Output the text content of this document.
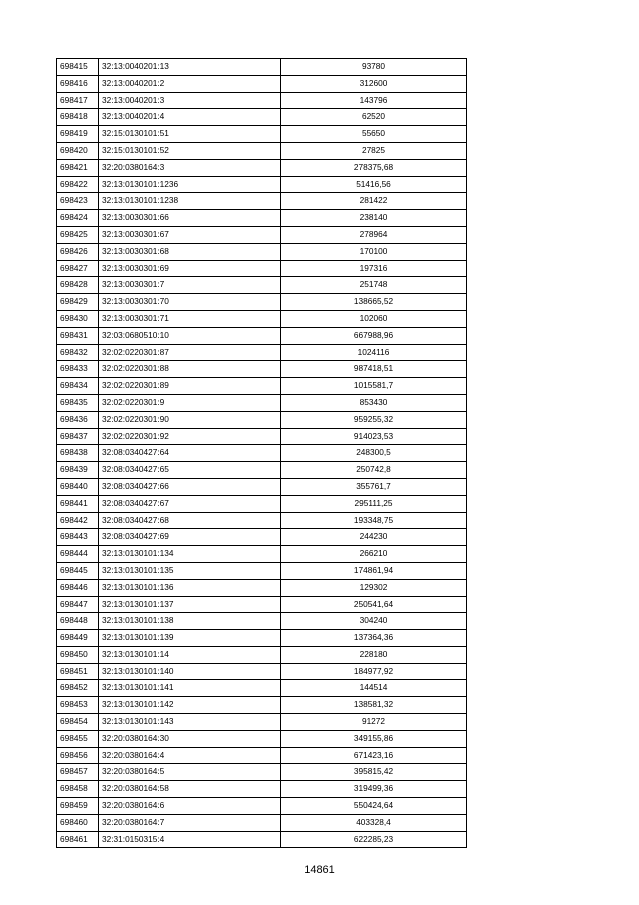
698415	32:13:0040201:13	93780
698416	32:13:0040201:2	312600
698417	32:13:0040201:3	143796
698418	32:13:0040201:4	62520
698419	32:15:0130101:51	55650
698420	32:15:0130101:52	27825
698421	32:20:0380164:3	278375,68
698422	32:13:0130101:1236	51416,56
698423	32:13:0130101:1238	281422
698424	32:13:0030301:66	238140
698425	32:13:0030301:67	278964
698426	32:13:0030301:68	170100
698427	32:13:0030301:69	197316
698428	32:13:0030301:7	251748
698429	32:13:0030301:70	138665,52
698430	32:13:0030301:71	102060
698431	32:03:0680510:10	667988,96
698432	32:02:0220301:87	1024116
698433	32:02:0220301:88	987418,51
698434	32:02:0220301:89	1015581,7
698435	32:02:0220301:9	853430
698436	32:02:0220301:90	959255,32
698437	32:02:0220301:92	914023,53
698438	32:08:0340427:64	248300,5
698439	32:08:0340427:65	250742,8
698440	32:08:0340427:66	355761,7
698441	32:08:0340427:67	295111,25
698442	32:08:0340427:68	193348,75
698443	32:08:0340427:69	244230
698444	32:13:0130101:134	266210
698445	32:13:0130101:135	174861,94
698446	32:13:0130101:136	129302
698447	32:13:0130101:137	250541,64
698448	32:13:0130101:138	304240
698449	32:13:0130101:139	137364,36
698450	32:13:0130101:14	228180
698451	32:13:0130101:140	184977,92
698452	32:13:0130101:141	144514
698453	32:13:0130101:142	138581,32
698454	32:13:0130101:143	91272
698455	32:20:0380164:30	349155,86
698456	32:20:0380164:4	671423,16
698457	32:20:0380164:5	395815,42
698458	32:20:0380164:58	319499,36
698459	32:20:0380164:6	550424,64
698460	32:20:0380164:7	403328,4
698461	32:31:0150315:4	622285,23
14861
